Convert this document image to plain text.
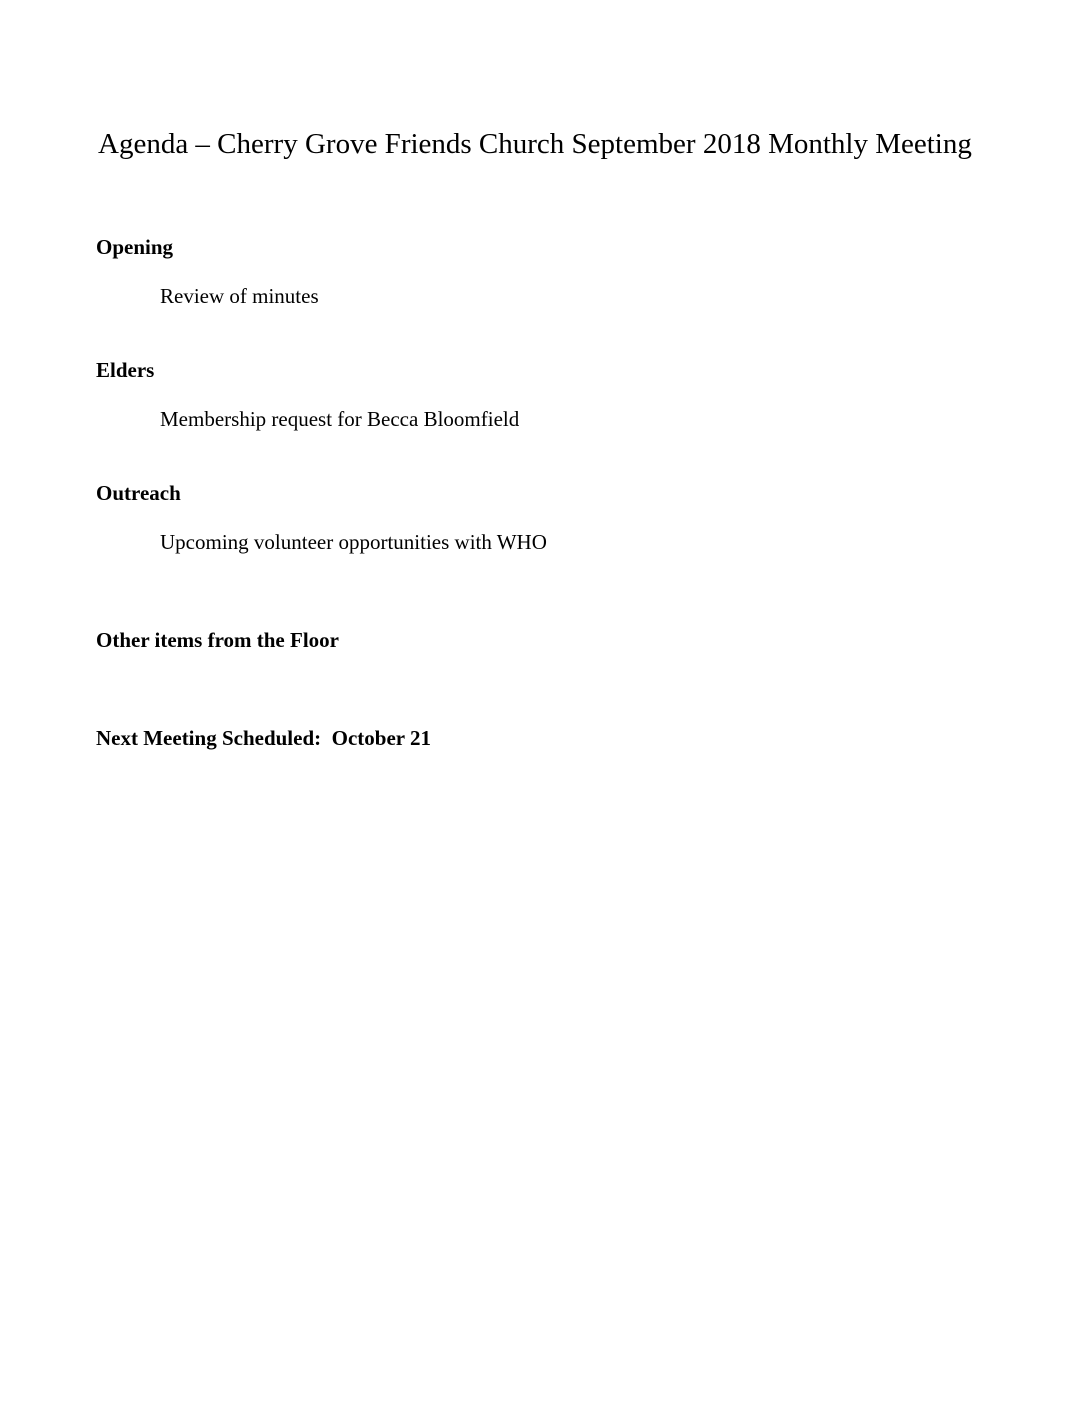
Agenda – Cherry Grove Friends Church September 2018 Monthly Meeting
Opening

Review of minutes

Elders

Membership request for Becca Bloomfield

Outreach

Upcoming volunteer opportunities with WHO

Other items from the Floor

Next Meeting Scheduled:  October 21
